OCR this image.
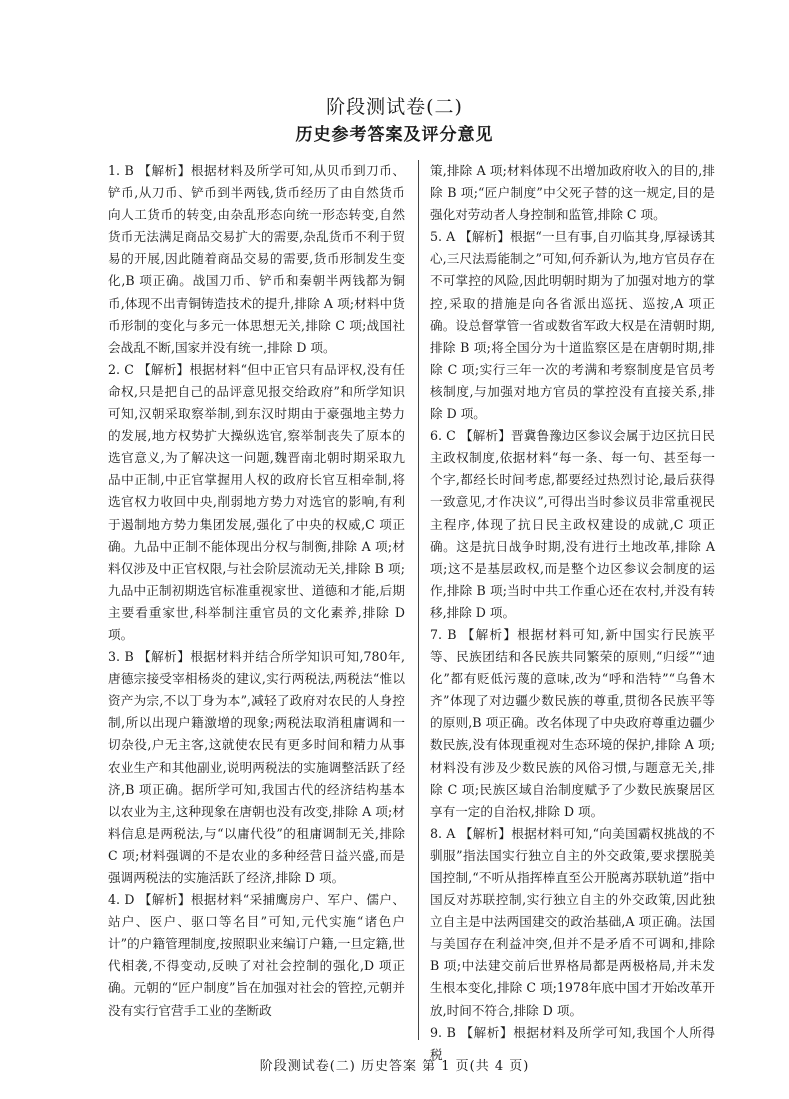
阶段测试卷(二)
历史参考答案及评分意见

1. B 【解析】根据材料及所学可知,从贝币到刀币、铲币,从刀币、铲币到半两钱,货币经历了由自然货币向人工货币的转变,由杂乱形态向统一形态转变,自然货币无法满足商品交易扩大的需要,杂乱货币不利于贸易的开展,因此随着商品交易的需要,货币形制发生变化,B 项正确。战国刀币、铲币和秦朝半两钱都为铜币,体现不出青铜铸造技术的提升,排除 A 项;材料中货币形制的变化与多元一体思想无关,排除 C 项;战国社会战乱不断,国家并没有统一,排除 D 项。

2. C 【解析】根据材料“但中正官只有品评权,没有任命权,只是把自己的品评意见报交给政府”和所学知识可知,汉朝采取察举制,到东汉时期由于豪强地主势力的发展,地方权势扩大操纵选官,察举制丧失了原本的选官意义,为了解决这一问题,魏晋南北朝时期采取九品中正制,中正官掌握用人权的政府长官互相牵制,将选官权力收回中央,削弱地方势力对选官的影响,有利于遏制地方势力集团发展,强化了中央的权威,C 项正确。九品中正制不能体现出分权与制衡,排除 A 项;材料仅涉及中正官权限,与社会阶层流动无关,排除 B 项;九品中正制初期选官标准重视家世、道德和才能,后期主要看重家世,科举制注重官员的文化素养,排除 D 项。

3. B 【解析】根据材料并结合所学知识可知,780年,唐德宗接受宰相杨炎的建议,实行两税法,两税法“惟以资产为宗,不以丁身为本”,减轻了政府对农民的人身控制,所以出现户籍激增的现象;两税法取消租庸调和一切杂役,户无主客,这就使农民有更多时间和精力从事农业生产和其他副业,说明两税法的实施调整活跃了经济,B 项正确。据所学可知,我国古代的经济结构基本以农业为主,这种现象在唐朝也没有改变,排除 A 项;材料信息是两税法,与“以庸代役”的租庸调制无关,排除 C 项;材料强调的不是农业的多种经营日益兴盛,而是强调两税法的实施活跃了经济,排除 D 项。

4. D 【解析】根据材料“采捕鹰房户、军户、儒户、站户、医户、驱口等名目”可知,元代实施“诸色户计”的户籍管理制度,按照职业来编订户籍,一旦定籍,世代相袭,不得变动,反映了对社会控制的强化,D 项正确。元朝的“匠户制度”旨在加强对社会的管控,元朝并没有实行官营手工业的垄断政

策,排除 A 项;材料体现不出增加政府收入的目的,排除 B 项;“匠户制度”中父死子替的这一规定,目的是强化对劳动者人身控制和监管,排除 C 项。

5. A 【解析】根据“一旦有事,自刃临其身,厚禄诱其心,三尺法焉能制之”可知,何乔新认为,地方官员存在不可掌控的风险,因此明朝时期为了加强对地方的掌控,采取的措施是向各省派出巡抚、巡按,A 项正确。设总督掌管一省或数省军政大权是在清朝时期,排除 B 项;将全国分为十道监察区是在唐朝时期,排除 C 项;实行三年一次的考满和考察制度是官员考核制度,与加强对地方官员的掌控没有直接关系,排除 D 项。

6. C 【解析】晋冀鲁豫边区参议会属于边区抗日民主政权制度,依据材料“每一条、每一句、甚至每一个字,都经长时间考虑,都要经过热烈讨论,最后获得一致意见,才作决议”,可得出当时参议员非常重视民主程序,体现了抗日民主政权建设的成就,C 项正确。这是抗日战争时期,没有进行土地改革,排除 A 项;这不是基层政权,而是整个边区参议会制度的运作,排除 B 项;当时中共工作重心还在农村,并没有转移,排除 D 项。

7. B 【解析】根据材料可知,新中国实行民族平等、民族团结和各民族共同繁荣的原则,“归绥”“迪化”都有贬低污蔑的意味,改为“呼和浩特”“乌鲁木齐”体现了对边疆少数民族的尊重,贯彻各民族平等的原则,B 项正确。改名体现了中央政府尊重边疆少数民族,没有体现重视对生态环境的保护,排除 A 项;材料没有涉及少数民族的风俗习惯,与题意无关,排除 C 项;民族区域自治制度赋予了少数民族聚居区享有一定的自治权,排除 D 项。

8. A 【解析】根据材料可知,“向美国霸权挑战的不驯服”指法国实行独立自主的外交政策,要求摆脱美国控制,“不听从指挥棒直至公开脱离苏联轨道”指中国反对苏联控制,实行独立自主的外交政策,因此独立自主是中法两国建交的政治基础,A 项正确。法国与美国存在利益冲突,但并不是矛盾不可调和,排除 B 项;中法建交前后世界格局都是两极格局,并未发生根本变化,排除 C 项;1978年底中国才开始改革开放,时间不符合,排除 D 项。

9. B 【解析】根据材料及所学可知,我国个人所得税

阶段测试卷(二) 历史答案 第 1 页(共 4 页)
